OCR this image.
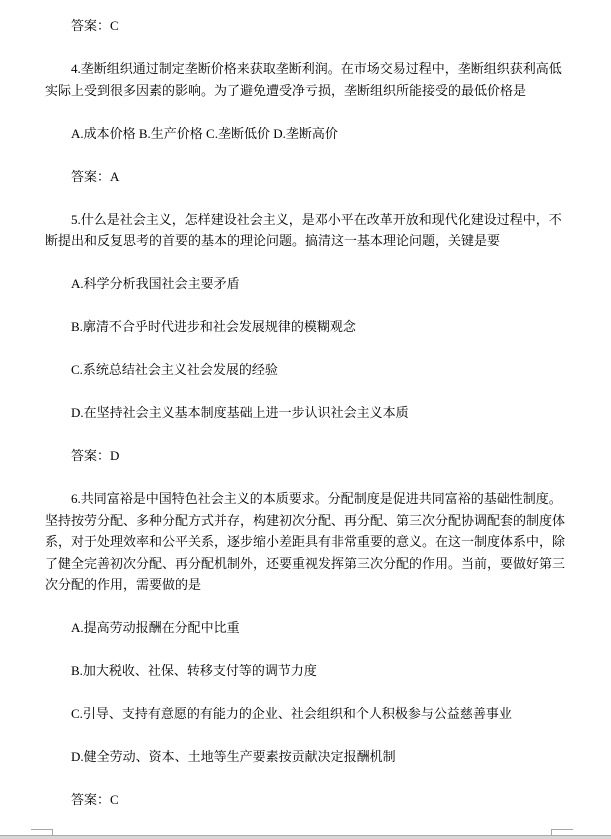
答案：C

4.垄断组织通过制定垄断价格来获取垄断利润。在市场交易过程中，垄断组织获利高低实际上受到很多因素的影响。为了避免遭受净亏损，垄断组织所能接受的最低价格是

A.成本价格 B.生产价格 C.垄断低价 D.垄断高价

答案：A

5.什么是社会主义，怎样建设社会主义，是邓小平在改革开放和现代化建设过程中，不断提出和反复思考的首要的基本的理论问题。搞清这一基本理论问题，关键是要

A.科学分析我国社会主要矛盾

B.廓清不合乎时代进步和社会发展规律的模糊观念

C.系统总结社会主义社会发展的经验

D.在坚持社会主义基本制度基础上进一步认识社会主义本质

答案：D

6.共同富裕是中国特色社会主义的本质要求。分配制度是促进共同富裕的基础性制度。坚持按劳分配、多种分配方式并存，构建初次分配、再分配、第三次分配协调配套的制度体系，对于处理效率和公平关系，逐步缩小差距具有非常重要的意义。在这一制度体系中，除了健全完善初次分配、再分配机制外，还要重视发挥第三次分配的作用。当前，要做好第三次分配的作用，需要做的是

A.提高劳动报酬在分配中比重

B.加大税收、社保、转移支付等的调节力度

C.引导、支持有意愿的有能力的企业、社会组织和个人积极参与公益慈善事业

D.健全劳动、资本、土地等生产要素按贡献决定报酬机制

答案：C
